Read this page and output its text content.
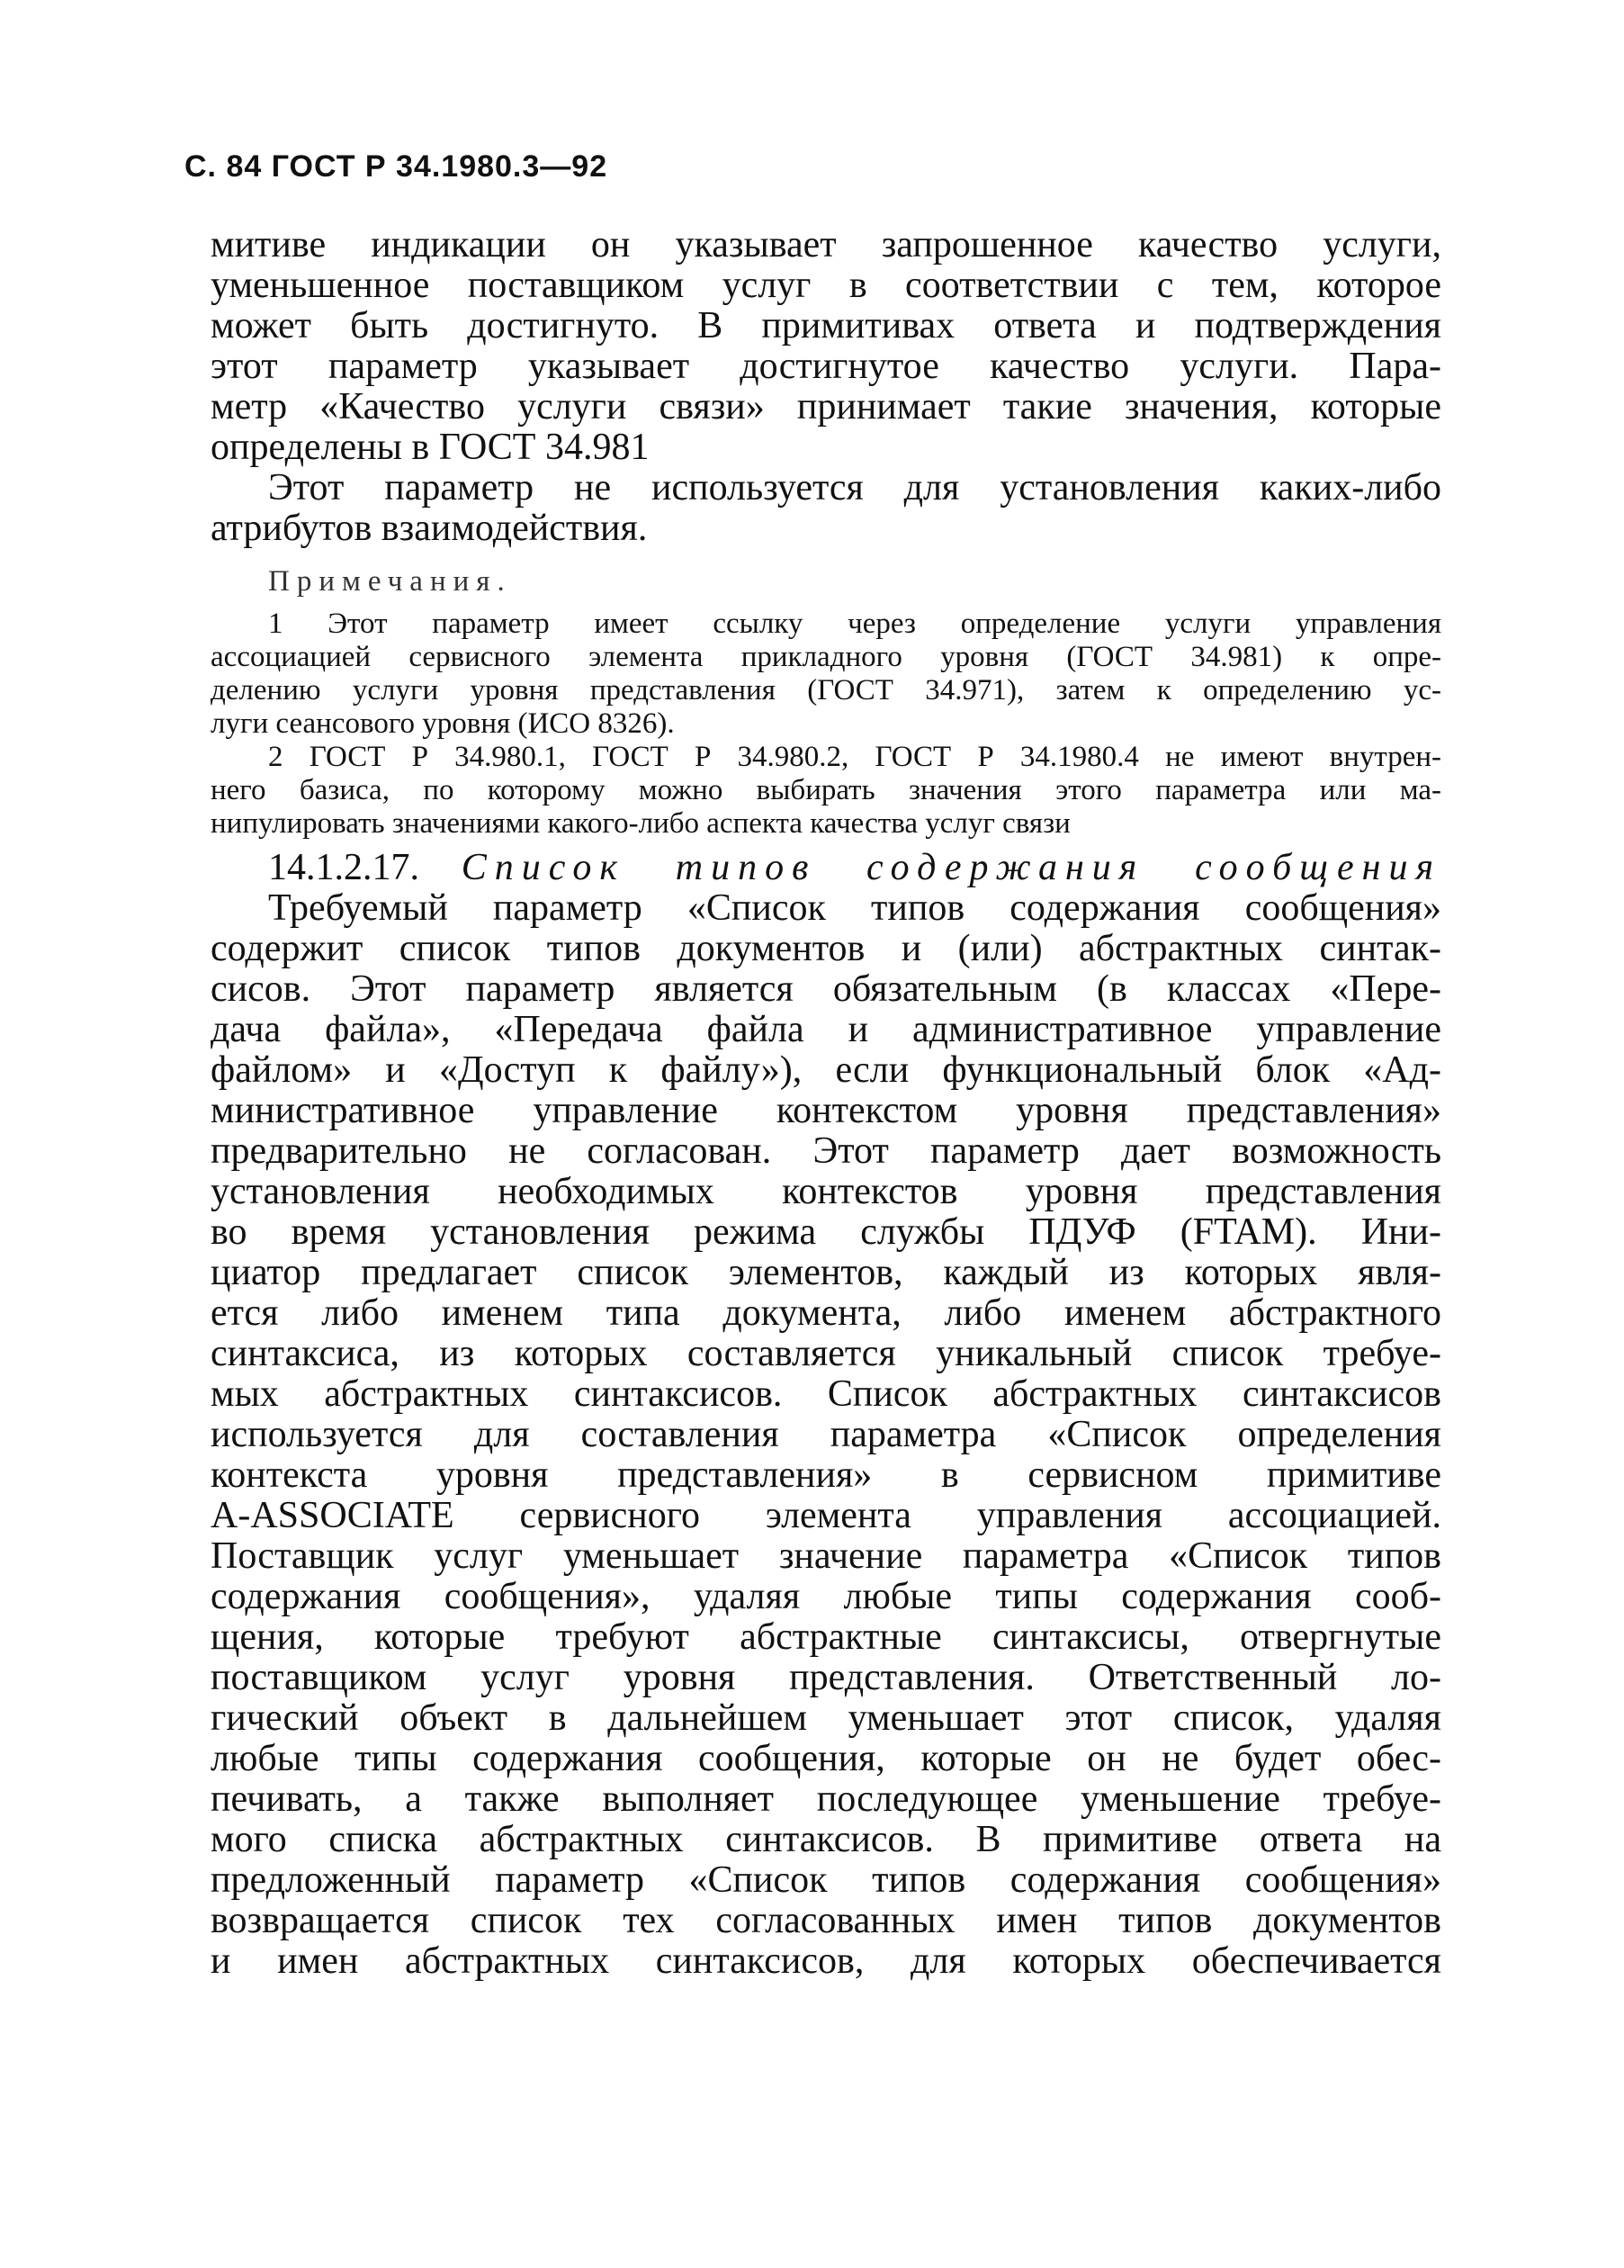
С. 84 ГОСТ Р 34.1980.3—92
митиве индикации он указывает запрошенное качество услуги,
уменьшенное поставщиком услуг в соответствии с тем, которое
может быть достигнуто. В примитивах ответа и подтверждения
этот параметр указывает достигнутое качество услуги. Пара-
метр «Качество услуги связи» принимает такие значения, которые
определены в ГОСТ 34.981
Этот параметр не используется для установления каких-либо
атрибутов взаимодействия.
Примечания.
1 Этот параметр имеет ссылку через определение услуги управления
ассоциацией сервисного элемента прикладного уровня (ГОСТ 34.981) к опре-
делению услуги уровня представления (ГОСТ 34.971), затем к определению ус-
луги сеансового уровня (ИСО 8326).
2 ГОСТ Р 34.980.1, ГОСТ Р 34.980.2, ГОСТ Р 34.1980.4 не имеют внутрен-
него базиса, по которому можно выбирать значения этого параметра или ма-
нипулировать значениями какого-либо аспекта качества услуг связи
14.1.2.17. Список типов содержания сообщения
Требуемый параметр «Список типов содержания сообщения»
содержит список типов документов и (или) абстрактных синтак-
сисов. Этот параметр является обязательным (в классах «Пере-
дача файла», «Передача файла и административное управление
файлом» и «Доступ к файлу»), если функциональный блок «Ад-
министративное управление контекстом уровня представления»
предварительно не согласован. Этот параметр дает возможность
установления необходимых контекстов уровня представления
во время установления режима службы ПДУФ (FTAM). Ини-
циатор предлагает список элементов, каждый из которых явля-
ется либо именем типа документа, либо именем абстрактного
синтаксиса, из которых составляется уникальный список требуе-
мых абстрактных синтаксисов. Список абстрактных синтаксисов
используется для составления параметра «Список определения
контекста уровня представления» в сервисном примитиве
A-ASSOCIATE сервисного элемента управления ассоциацией.
Поставщик услуг уменьшает значение параметра «Список типов
содержания сообщения», удаляя любые типы содержания сооб-
щения, которые требуют абстрактные синтаксисы, отвергнутые
поставщиком услуг уровня представления. Ответственный ло-
гический объект в дальнейшем уменьшает этот список, удаляя
любые типы содержания сообщения, которые он не будет обес-
печивать, а также выполняет последующее уменьшение требуе-
мого списка абстрактных синтаксисов. В примитиве ответа на
предложенный параметр «Список типов содержания сообщения»
возвращается список тех согласованных имен типов документов
и имен абстрактных синтаксисов, для которых обеспечивается
